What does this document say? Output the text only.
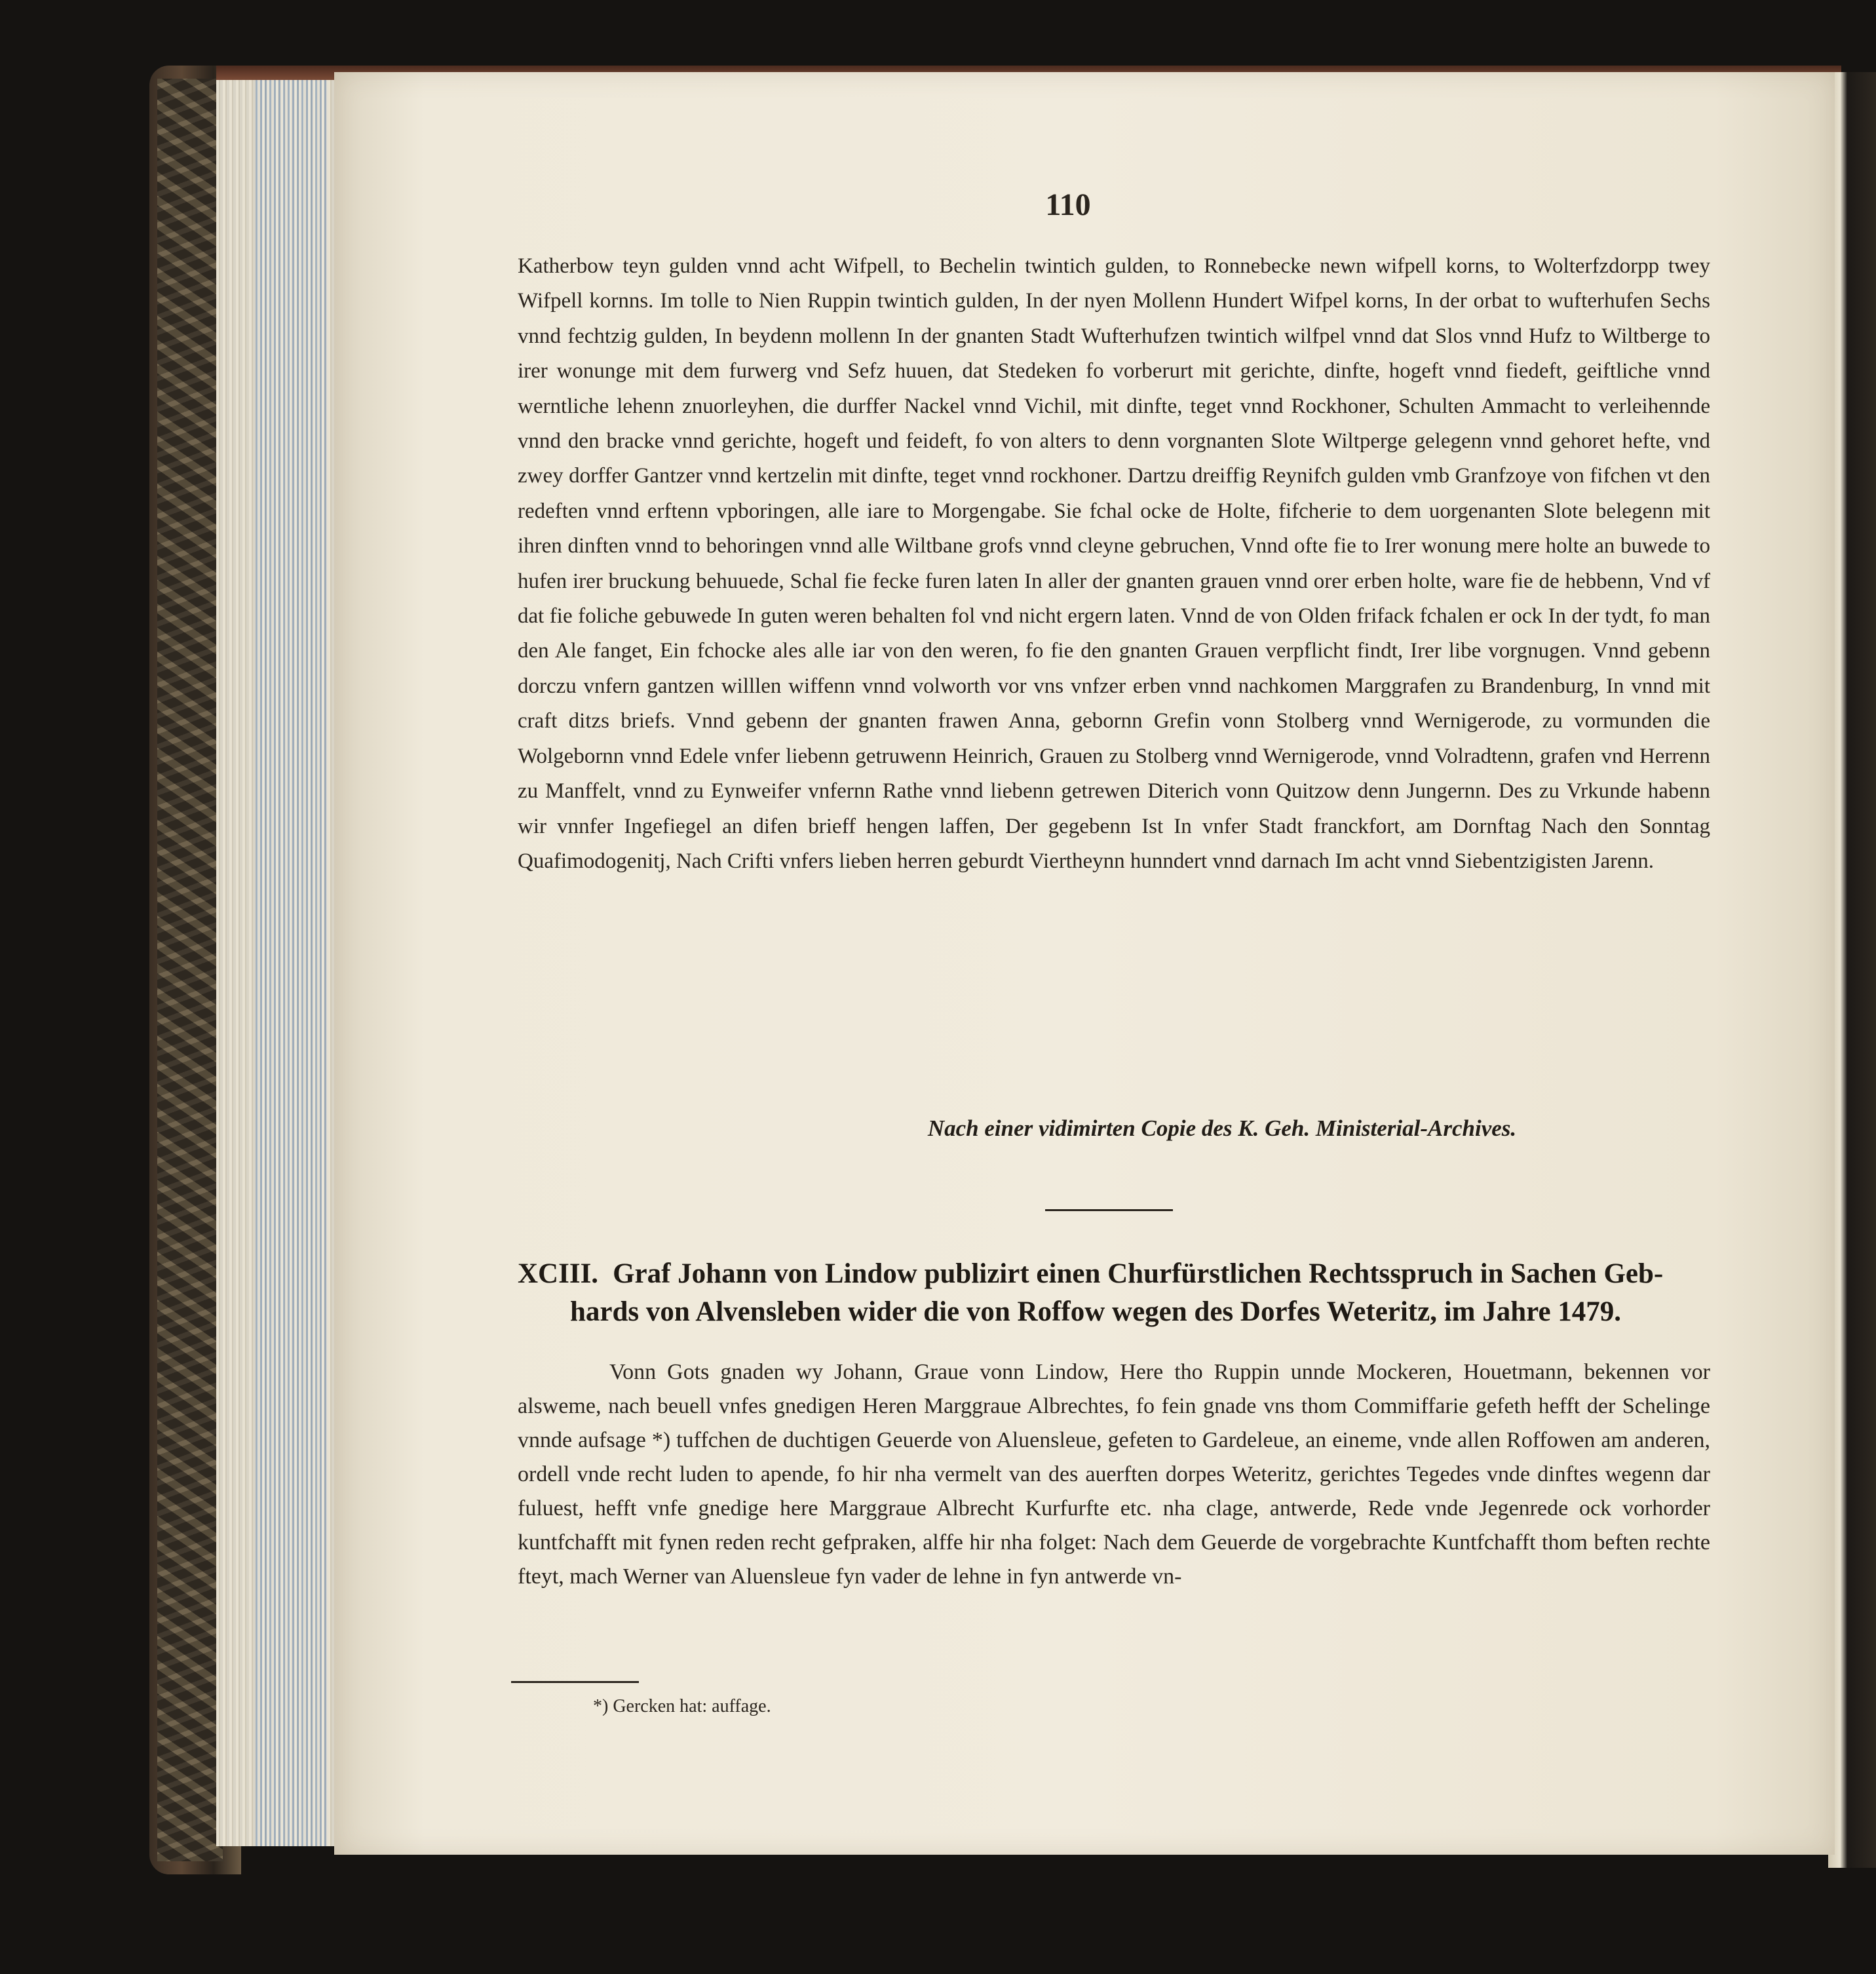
110

Katherbow teyn gulden vnnd acht Wifpell, to Bechelin twintich gulden, to Ronnebecke newn wifpell korns, to Wolterfzdorpp twey Wifpell kornns. Im tolle to Nien Ruppin twintich gulden, In der nyen Mollenn Hundert Wifpel korns, In der orbat to wufterhufen Sechs vnnd fechtzig gulden, In beydenn mollenn In der gnanten Stadt Wufterhufzen twintich wilfpel vnnd dat Slos vnnd Hufz to Wiltberge to irer wonunge mit dem furwerg vnd Sefz huuen, dat Stedeken fo vorberurt mit gerichte, dinfte, hogeft vnnd fiedeft, geiftliche vnnd werntliche lehenn znuorleyhen, die durffer Nackel vnnd Vichil, mit dinfte, teget vnnd Rockhoner, Schulten Ammacht to verleihennde vnnd den bracke vnnd gerichte, hogeft und feideft, fo von alters to denn vorgnanten Slote Wiltperge gelegenn vnnd gehoret hefte, vnd zwey dorffer Gantzer vnnd kertzelin mit dinfte, teget vnnd rockhoner. Dartzu dreiffig Reynifch gulden vmb Granfzoye von fifchen vt den redeften vnnd erftenn vpboringen, alle iare to Morgengabe. Sie fchal ocke de Holte, fifcherie to dem uorgenanten Slote belegenn mit ihren dinften vnnd to behoringen vnnd alle Wiltbane grofs vnnd cleyne gebruchen, Vnnd ofte fie to Irer wonung mere holte an buwede to hufen irer bruckung behuuede, Schal fie fecke furen laten In aller der gnanten grauen vnnd orer erben holte, ware fie de hebbenn, Vnd vf dat fie foliche gebuwede In guten weren behalten fol vnd nicht ergern laten. Vnnd de von Olden frifack fchalen er ock In der tydt, fo man den Ale fanget, Ein fchocke ales alle iar von den weren, fo fie den gnanten Grauen verpflicht findt, Irer libe vorgnugen. Vnnd gebenn dorczu vnfern gantzen willlen wiffenn vnnd volworth vor vns vnfzer erben vnnd nachkomen Marggrafen zu Brandenburg, In vnnd mit craft ditzs briefs. Vnnd gebenn der gnanten frawen Anna, gebornn Grefin vonn Stolberg vnnd Wernigerode, zu vormunden die Wolgebornn vnnd Edele vnfer liebenn getruwenn Heinrich, Grauen zu Stolberg vnnd Wernigerode, vnnd Volradtenn, grafen vnd Herrenn zu Manffelt, vnnd zu Eynweifer vnfernn Rathe vnnd liebenn getrewen Diterich vonn Quitzow denn Jungernn. Des zu Vrkunde habenn wir vnnfer Ingefiegel an difen brieff hengen laffen, Der gegebenn Ist In vnfer Stadt franckfort, am Dornftag Nach den Sonntag Quafimodogenitj, Nach Crifti vnfers lieben herren geburdt Viertheynn hunndert vnnd darnach Im acht vnnd Siebentzigisten Jarenn.

Nach einer vidimirten Copie des K. Geh. Ministerial-Archives.
XCIII. Graf Johann von Lindow publizirt einen Churfürstlichen Rechtsspruch in Sachen Geb-
hards von Alvensleben wider die von Roffow wegen des Dorfes Weteritz, im Jahre 1479.
Vonn Gots gnaden wy Johann, Graue vonn Lindow, Here tho Ruppin unnde Mockeren, Houetmann, bekennen vor alsweme, nach beuell vnfes gnedigen Heren Marggraue Albrechtes, fo fein gnade vns thom Commiffarie gefeth hefft der Schelinge vnnde aufsage *) tuffchen de duchtigen Geuerde von Aluensleue, gefeten to Gardeleue, an eineme, vnde allen Roffowen am anderen, ordell vnde recht luden to apende, fo hir nha vermelt van des auerften dorpes Weteritz, gerichtes Tegedes vnde dinftes wegenn dar fuluest, hefft vnfe gnedige here Marggraue Albrecht Kurfurfte etc. nha clage, antwerde, Rede vnde Jegenrede ock vorhorder kuntfchafft mit fynen reden recht gefpraken, alffe hir nha folget: Nach dem Geuerde de vorgebrachte Kuntfchafft thom beften rechte fteyt, mach Werner van Aluensleue fyn vader de lehne in fyn antwerde vn-
*) Gercken hat: auffage.
